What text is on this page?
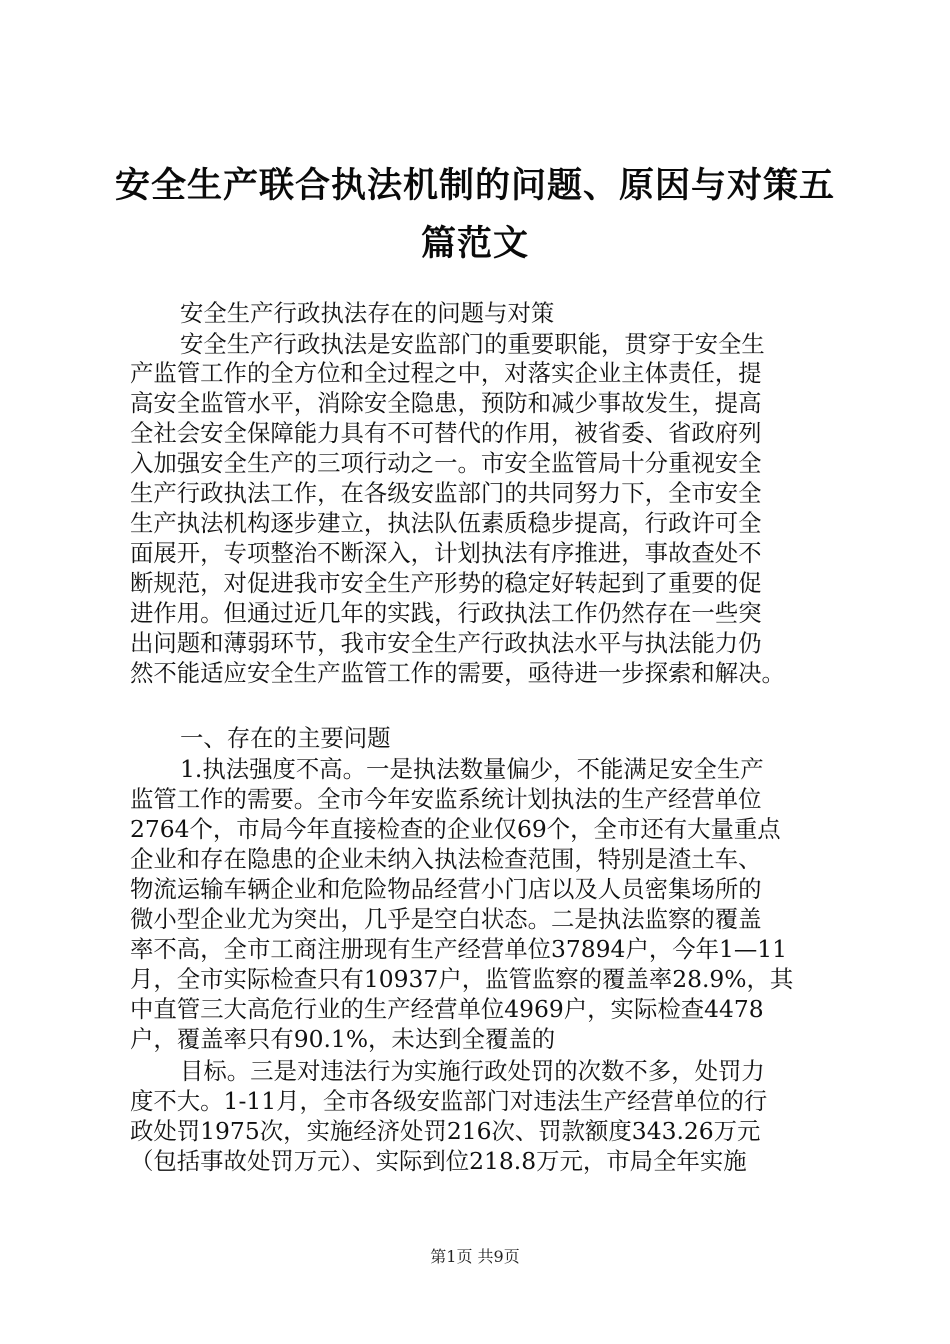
安全生产联合执法机制的问题、原因与对策五
篇范文
安全生产行政执法存在的问题与对策
安全生产行政执法是安监部门的重要职能，贯穿于安全生
产监管工作的全方位和全过程之中，对落实企业主体责任，提
高安全监管水平，消除安全隐患，预防和减少事故发生，提高
全社会安全保障能力具有不可替代的作用，被省委、省政府列
入加强安全生产的三项行动之一。市安全监管局十分重视安全
生产行政执法工作，在各级安监部门的共同努力下，全市安全
生产执法机构逐步建立，执法队伍素质稳步提高，行政许可全
面展开，专项整治不断深入，计划执法有序推进，事故查处不
断规范，对促进我市安全生产形势的稳定好转起到了重要的促
进作用。但通过近几年的实践，行政执法工作仍然存在一些突
出问题和薄弱环节，我市安全生产行政执法水平与执法能力仍
然不能适应安全生产监管工作的需要，亟待进一步探索和解决。
一、存在的主要问题
1.执法强度不高。一是执法数量偏少，不能满足安全生产
监管工作的需要。全市今年安监系统计划执法的生产经营单位
2764个，市局今年直接检查的企业仅69个，全市还有大量重点
企业和存在隐患的企业未纳入执法检查范围，特别是渣土车、
物流运输车辆企业和危险物品经营小门店以及人员密集场所的
微小型企业尤为突出，几乎是空白状态。二是执法监察的覆盖
率不高，全市工商注册现有生产经营单位37894户，今年1—11
月，全市实际检查只有10937户，监管监察的覆盖率28.9%，其
中直管三大高危行业的生产经营单位4969户，实际检查4478
户，覆盖率只有90.1%，未达到全覆盖的
目标。三是对违法行为实施行政处罚的次数不多，处罚力
度不大。1-11月，全市各级安监部门对违法生产经营单位的行
政处罚1975次，实施经济处罚216次、罚款额度343.26万元
（包括事故处罚万元）、实际到位218.8万元，市局全年实施
第1页 共9页
